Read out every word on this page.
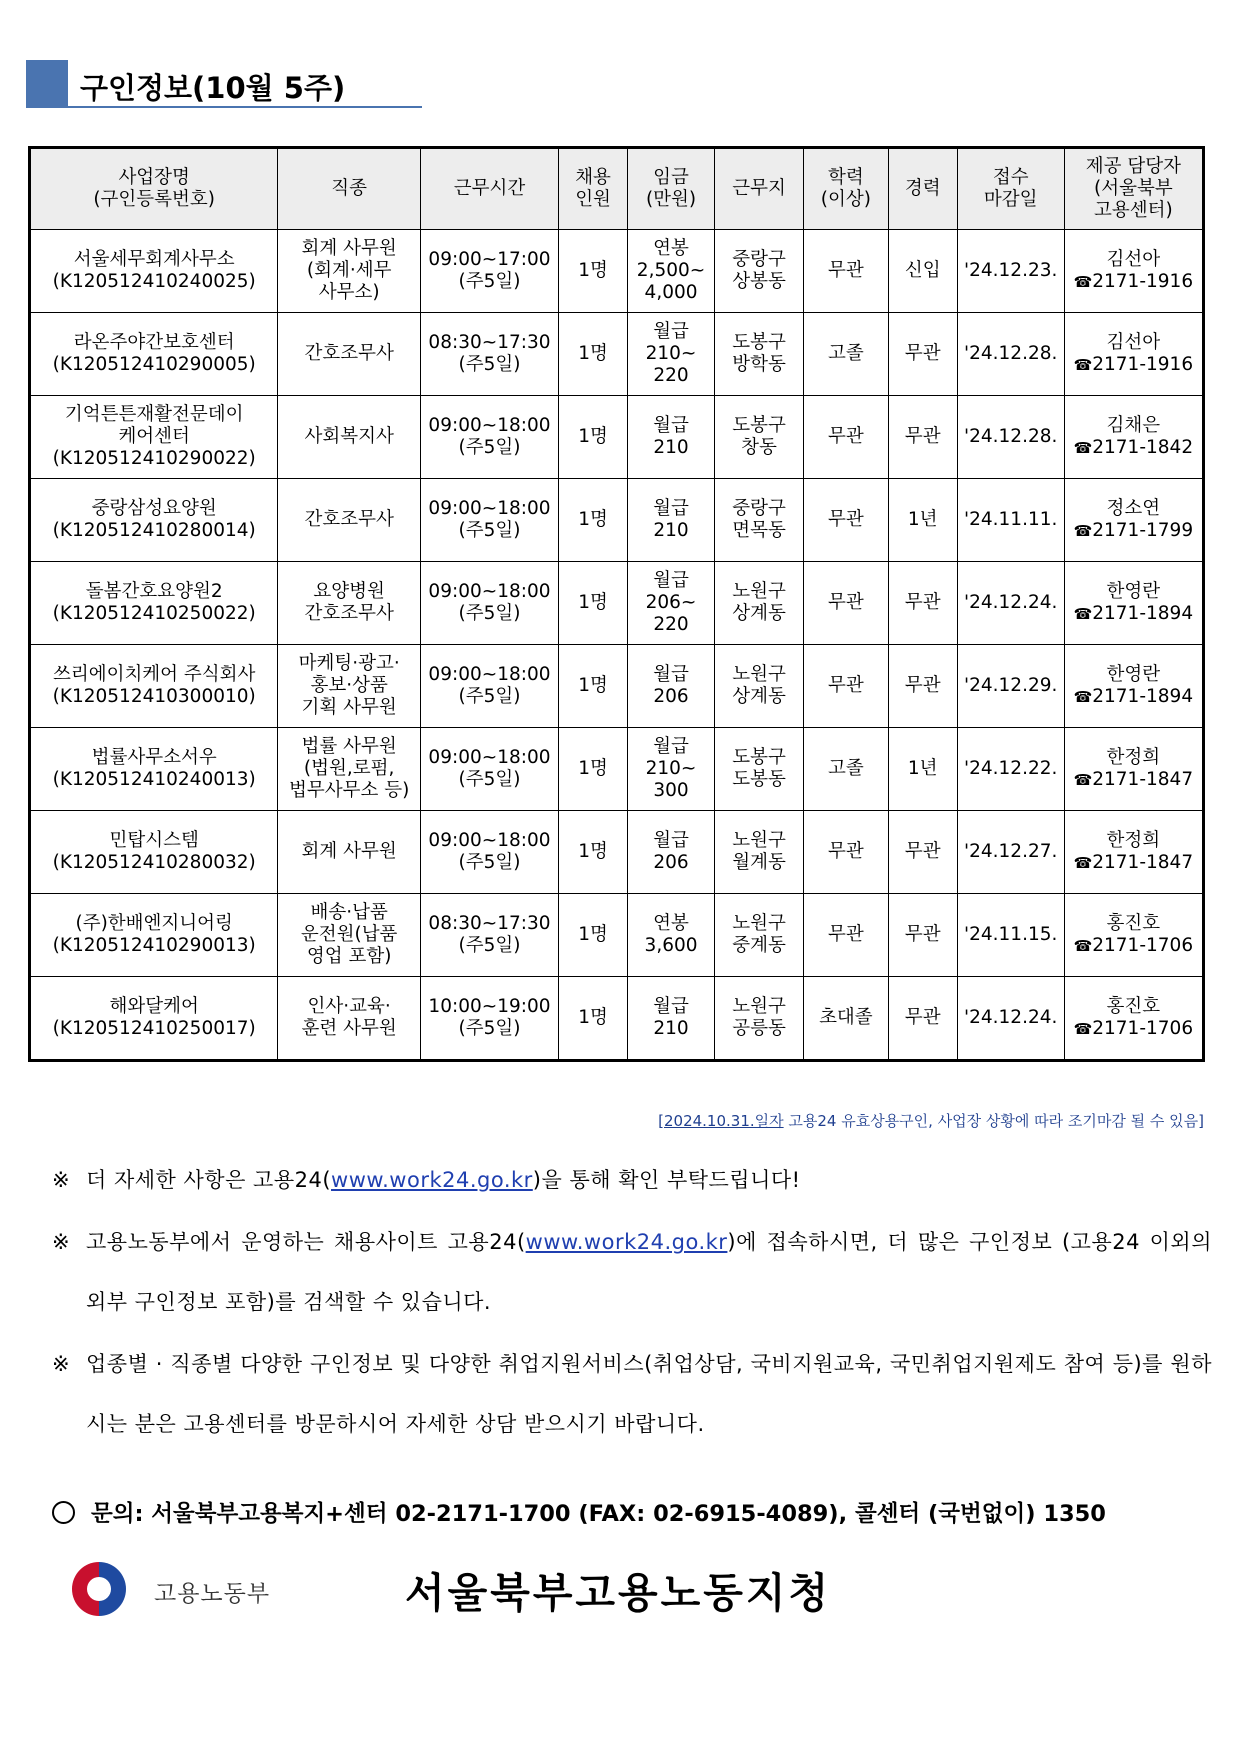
구인정보(10월 5주)
사업장명
(구인등록번호)	직종	근무시간	채용
인원	임금
(만원)	근무지	학력
(이상)	경력	접수
마감일	제공 담당자
(서울북부
고용센터)

서울세무회계사무소
(K120512410240025)	회계 사무원
(회계·세무
사무소)	09:00~17:00
(주5일)	1명	연봉
2,500~
4,000	중랑구
상봉동	무관	신입	'24.12.23.	김선아
☎2171-1916

라온주야간보호센터
(K120512410290005)	간호조무사	08:30~17:30
(주5일)	1명	월급
210~
220	도봉구
방학동	고졸	무관	'24.12.28.	김선아
☎2171-1916

기억튼튼재활전문데이
케어센터
(K120512410290022)	사회복지사	09:00~18:00
(주5일)	1명	월급
210	도봉구
창동	무관	무관	'24.12.28.	김채은
☎2171-1842

중랑삼성요양원
(K120512410280014)	간호조무사	09:00~18:00
(주5일)	1명	월급
210	중랑구
면목동	무관	1년	'24.11.11.	정소연
☎2171-1799

돌봄간호요양원2
(K120512410250022)	요양병원
간호조무사	09:00~18:00
(주5일)	1명	월급
206~
220	노원구
상계동	무관	무관	'24.12.24.	한영란
☎2171-1894

쓰리에이치케어 주식회사
(K120512410300010)	마케팅·광고·
홍보·상품
기획 사무원	09:00~18:00
(주5일)	1명	월급
206	노원구
상계동	무관	무관	'24.12.29.	한영란
☎2171-1894

법률사무소서우
(K120512410240013)	법률 사무원
(법원,로펌,
법무사무소 등)	09:00~18:00
(주5일)	1명	월급
210~
300	도봉구
도봉동	고졸	1년	'24.12.22.	한정희
☎2171-1847

민탑시스템
(K120512410280032)	회계 사무원	09:00~18:00
(주5일)	1명	월급
206	노원구
월계동	무관	무관	'24.12.27.	한정희
☎2171-1847

(주)한배엔지니어링
(K120512410290013)	배송·납품
운전원(납품
영업 포함)	08:30~17:30
(주5일)	1명	연봉
3,600	노원구
중계동	무관	무관	'24.11.15.	홍진호
☎2171-1706

해와달케어
(K120512410250017)	인사·교육·
훈련 사무원	10:00~19:00
(주5일)	1명	월급
210	노원구
공릉동	초대졸	무관	'24.12.24.	홍진호
☎2171-1706
[2024.10.31.일자 고용24 유효상용구인, 사업장 상황에 따라 조기마감 될 수 있음]
※ 더 자세한 사항은 고용24(www.work24.go.kr)을 통해 확인 부탁드립니다!
※ 고용노동부에서 운영하는 채용사이트 고용24(www.work24.go.kr)에 접속하시면, 더 많은 구인정보 (고용24 이외의 외부 구인정보 포함)를 검색할 수 있습니다.
※ 업종별 · 직종별 다양한 구인정보 및 다양한 취업지원서비스(취업상담, 국비지원교육, 국민취업지원제도 참여 등)를 원하시는 분은 고용센터를 방문하시어 자세한 상담 받으시기 바랍니다.
문의: 서울북부고용복지+센터 02-2171-1700 (FAX: 02-6915-4089), 콜센터 (국번없이) 1350
고용노동부	서울북부고용노동지청
